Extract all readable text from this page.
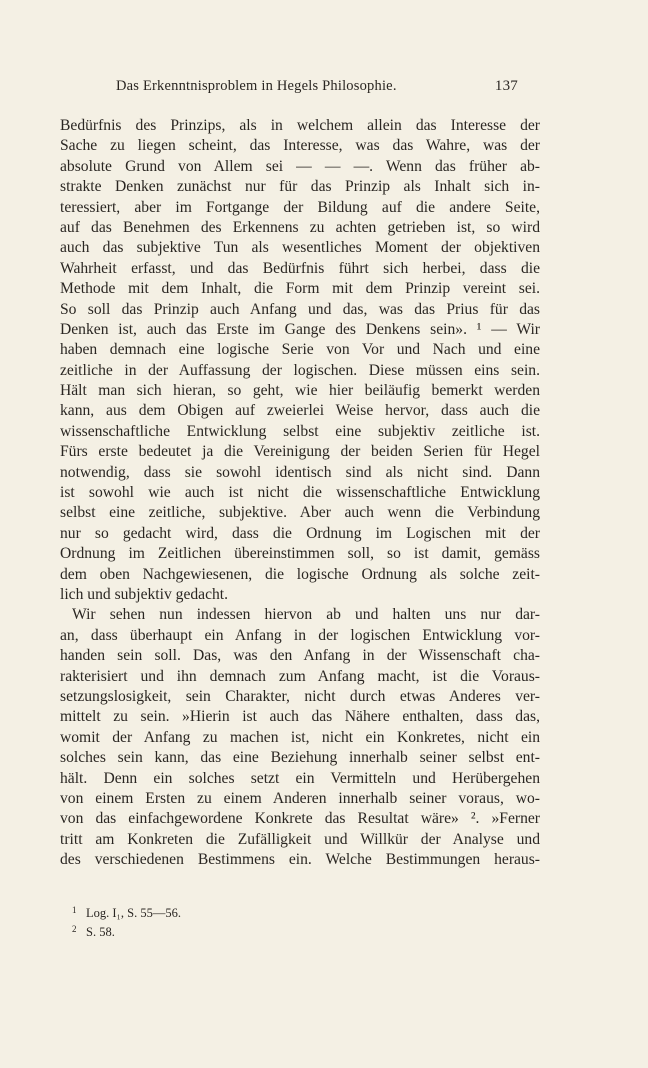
Das Erkenntnisproblem in Hegels Philosophie.	137
Bedürfnis des Prinzips, als in welchem allein das Interesse der
Sache zu liegen scheint, das Interesse, was das Wahre, was der
absolute Grund von Allem sei — — —. Wenn das früher ab-
strakte Denken zunächst nur für das Prinzip als Inhalt sich in-
teressiert, aber im Fortgange der Bildung auf die andere Seite,
auf das Benehmen des Erkennens zu achten getrieben ist, so wird
auch das subjektive Tun als wesentliches Moment der objektiven
Wahrheit erfasst, und das Bedürfnis führt sich herbei, dass die
Methode mit dem Inhalt, die Form mit dem Prinzip vereint sei.
So soll das Prinzip auch Anfang und das, was das Prius für das
Denken ist, auch das Erste im Gange des Denkens sein». ¹ — Wir
haben demnach eine logische Serie von Vor und Nach und eine
zeitliche in der Auffassung der logischen. Diese müssen eins sein.
Hält man sich hieran, so geht, wie hier beiläufig bemerkt werden
kann, aus dem Obigen auf zweierlei Weise hervor, dass auch die
wissenschaftliche Entwicklung selbst eine subjektiv zeitliche ist.
Fürs erste bedeutet ja die Vereinigung der beiden Serien für Hegel
notwendig, dass sie sowohl identisch sind als nicht sind. Dann
ist sowohl wie auch ist nicht die wissenschaftliche Entwicklung
selbst eine zeitliche, subjektive. Aber auch wenn die Verbindung
nur so gedacht wird, dass die Ordnung im Logischen mit der
Ordnung im Zeitlichen übereinstimmen soll, so ist damit, gemäss
dem oben Nachgewiesenen, die logische Ordnung als solche zeit-
lich und subjektiv gedacht.
Wir sehen nun indessen hiervon ab und halten uns nur dar-
an, dass überhaupt ein Anfang in der logischen Entwicklung vor-
handen sein soll. Das, was den Anfang in der Wissenschaft cha-
rakterisiert und ihn demnach zum Anfang macht, ist die Voraus-
setzungslosigkeit, sein Charakter, nicht durch etwas Anderes ver-
mittelt zu sein. »Hierin ist auch das Nähere enthalten, dass das,
womit der Anfang zu machen ist, nicht ein Konkretes, nicht ein
solches sein kann, das eine Beziehung innerhalb seiner selbst ent-
hält. Denn ein solches setzt ein Vermitteln und Herübergehen
von einem Ersten zu einem Anderen innerhalb seiner voraus, wo-
von das einfachgewordene Konkrete das Resultat wäre» ². »Ferner
tritt am Konkreten die Zufälligkeit und Willkür der Analyse und
des verschiedenen Bestimmens ein. Welche Bestimmungen heraus-
1 Log. I₁, S. 55—56.
2 S. 58.
